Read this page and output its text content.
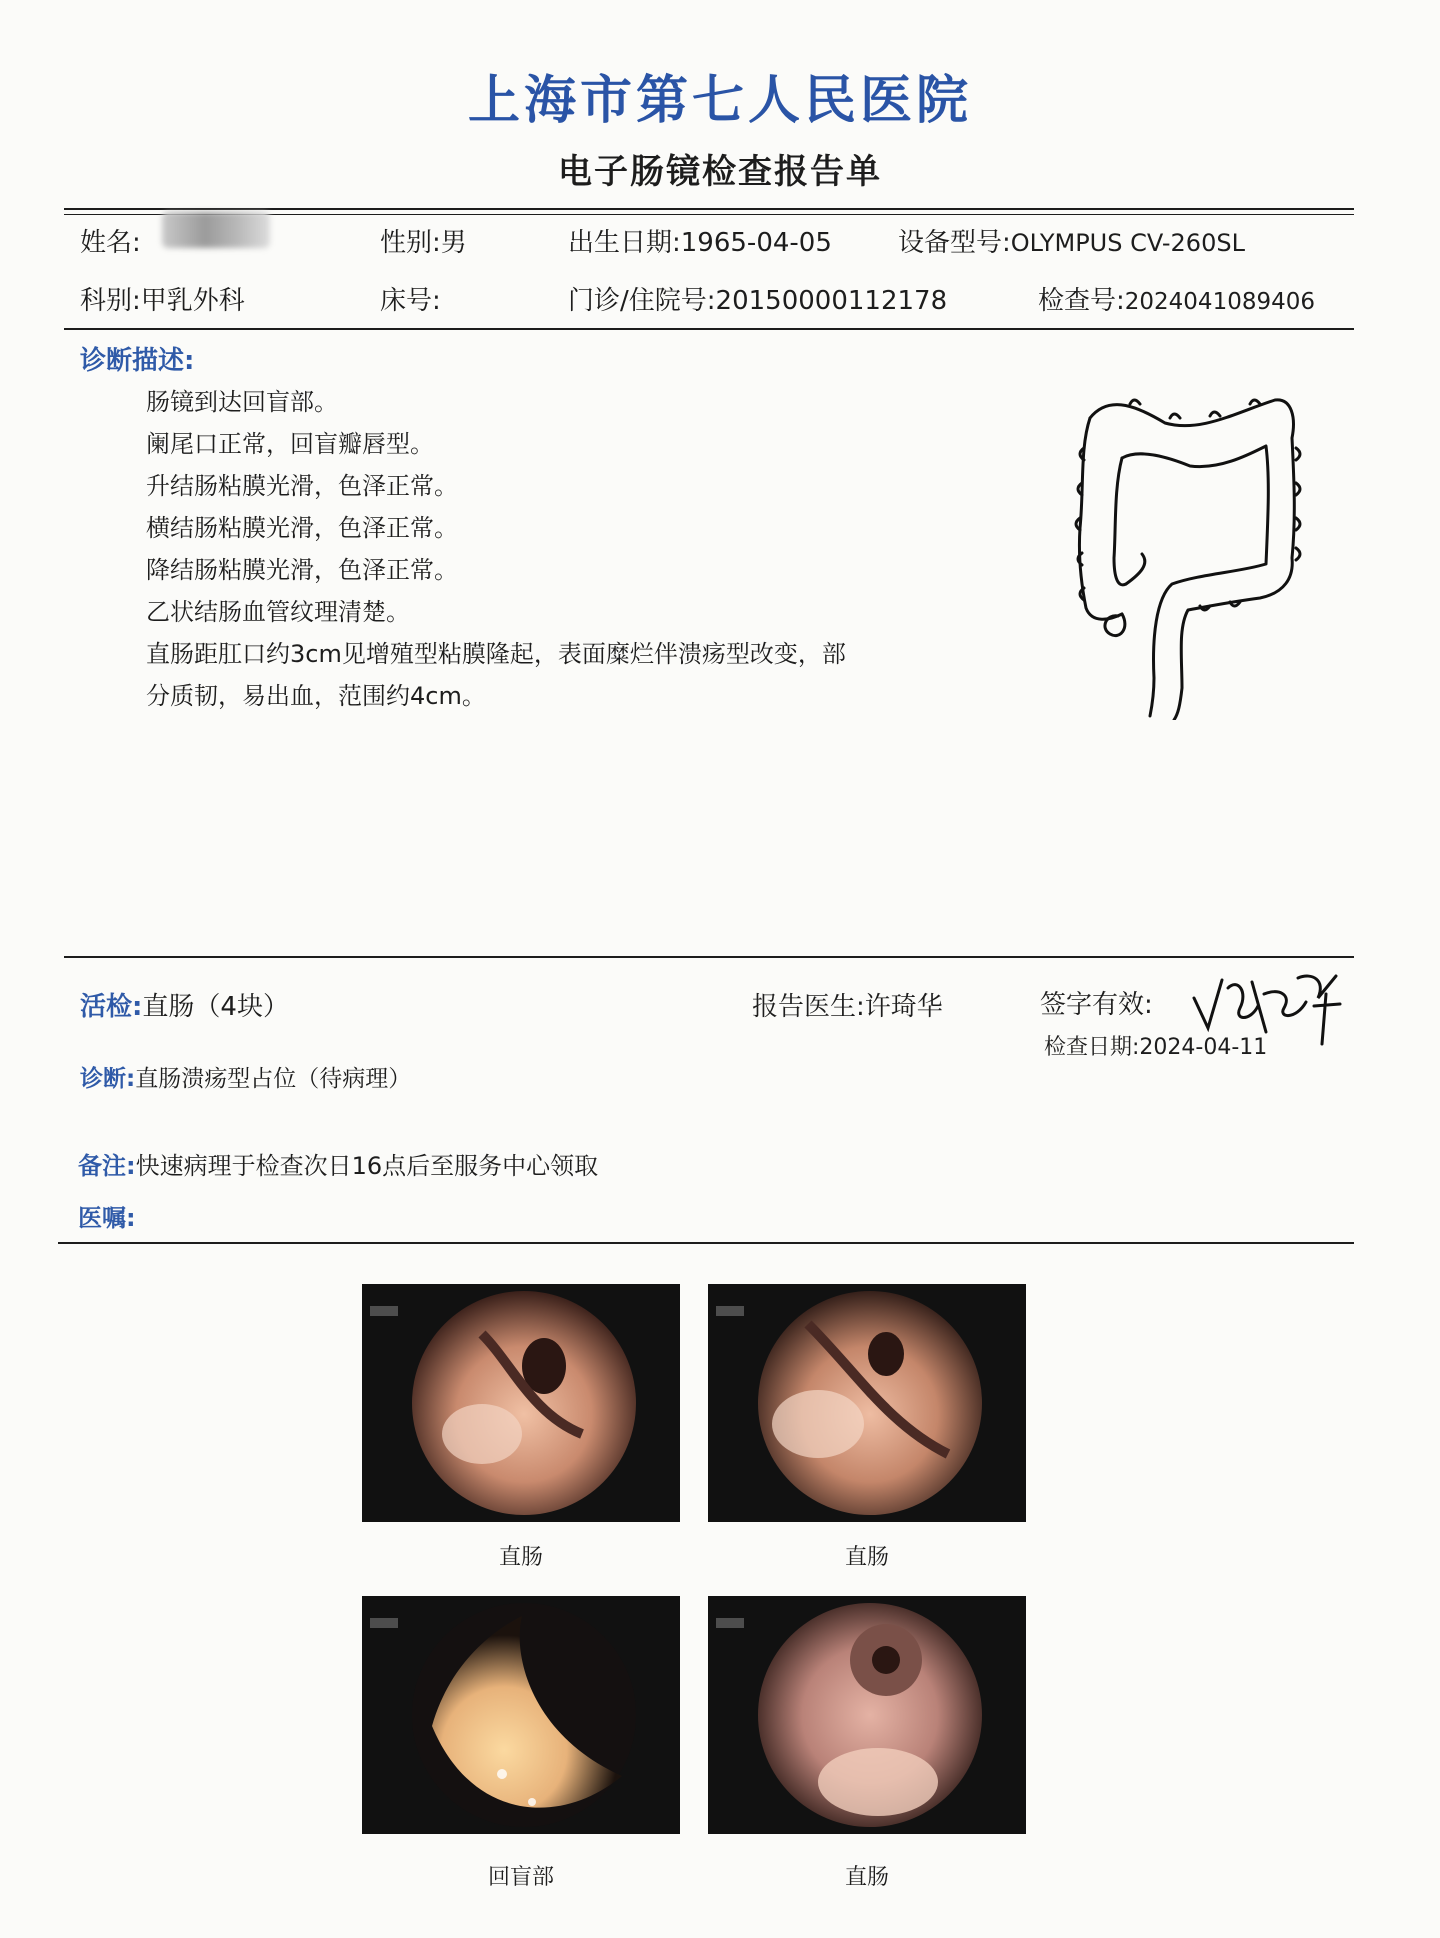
上海市第七人民医院
电子肠镜检查报告单
姓名:	性别:男	出生日期:1965-04-05	设备型号:OLYMPUS CV-260SL
科别:甲乳外科	床号:	门诊/住院号:20150000112178	检查号:2024041089406
诊断描述:
肠镜到达回盲部。
阑尾口正常，回盲瓣唇型。
升结肠粘膜光滑，色泽正常。
横结肠粘膜光滑，色泽正常。
降结肠粘膜光滑，色泽正常。
乙状结肠血管纹理清楚。
直肠距肛口约3cm见增殖型粘膜隆起，表面糜烂伴溃疡型改变，部
分质韧，易出血，范围约4cm。
活检:直肠（4块）	报告医生:许琦华	签字有效:
检查日期:2024-04-11
诊断:直肠溃疡型占位（待病理）
备注:快速病理于检查次日16点后至服务中心领取
医嘱:
直肠	直肠
回盲部	直肠
